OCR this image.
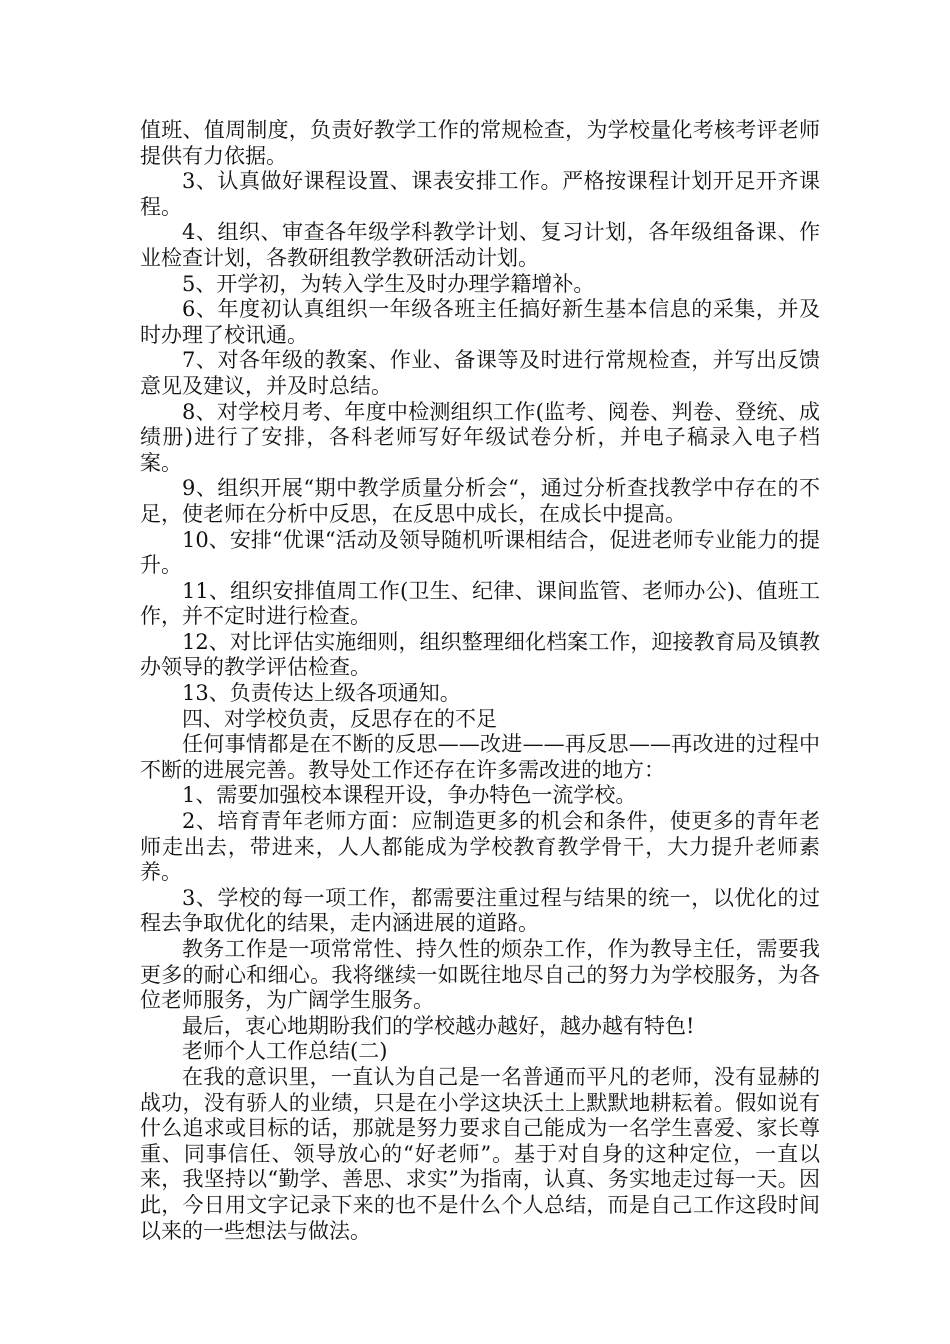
值班、值周制度，负责好教学工作的常规检查，为学校量化考核考评老师提供有力依据。

3、认真做好课程设置、课表安排工作。严格按课程计划开足开齐课程。

4、组织、审查各年级学科教学计划、复习计划，各年级组备课、作业检查计划，各教研组教学教研活动计划。

5、开学初，为转入学生及时办理学籍增补。

6、年度初认真组织一年级各班主任搞好新生基本信息的采集，并及时办理了校讯通。

7、对各年级的教案、作业、备课等及时进行常规检查，并写出反馈意见及建议，并及时总结。

8、对学校月考、年度中检测组织工作(监考、阅卷、判卷、登统、成绩册)进行了安排，各科老师写好年级试卷分析，并电子稿录入电子档案。

9、组织开展“期中教学质量分析会“，通过分析查找教学中存在的不足，使老师在分析中反思，在反思中成长，在成长中提高。

10、安排“优课“活动及领导随机听课相结合，促进老师专业能力的提升。

11、组织安排值周工作(卫生、纪律、课间监管、老师办公)、值班工作，并不定时进行检查。

12、对比评估实施细则，组织整理细化档案工作，迎接教育局及镇教办领导的教学评估检查。

13、负责传达上级各项通知。

四、对学校负责，反思存在的不足

任何事情都是在不断的反思——改进——再反思——再改进的过程中不断的进展完善。教导处工作还存在许多需改进的地方：

1、需要加强校本课程开设，争办特色一流学校。

2、培育青年老师方面：应制造更多的机会和条件，使更多的青年老师走出去，带进来，人人都能成为学校教育教学骨干，大力提升老师素养。

3、学校的每一项工作，都需要注重过程与结果的统一，以优化的过程去争取优化的结果，走内涵进展的道路。

教务工作是一项常常性、持久性的烦杂工作，作为教导主任，需要我更多的耐心和细心。我将继续一如既往地尽自己的努力为学校服务，为各位老师服务，为广阔学生服务。

最后，衷心地期盼我们的学校越办越好，越办越有特色!

老师个人工作总结(二)

在我的意识里，一直认为自己是一名普通而平凡的老师，没有显赫的战功，没有骄人的业绩，只是在小学这块沃土上默默地耕耘着。假如说有什么追求或目标的话，那就是努力要求自己能成为一名学生喜爱、家长尊重、同事信任、领导放心的“好老师”。基于对自身的这种定位，一直以来，我坚持以“勤学、善思、求实”为指南，认真、务实地走过每一天。因此，今日用文字记录下来的也不是什么个人总结，而是自己工作这段时间以来的一些想法与做法。
